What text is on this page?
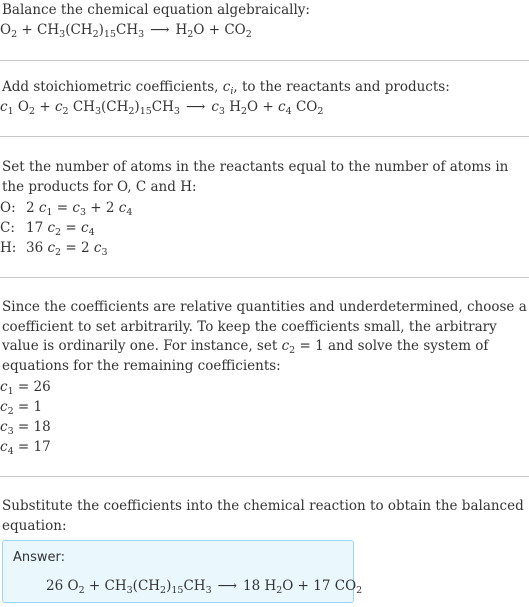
Balance the chemical equation algebraically:
$O_2 + CH_3(CH_2)_{15}CH_3$ ⟶ $H_2O + CO_2$
Add stoichiometric coefficients, $c_i$, to the reactants and products:
$c_1$ $O_2 + c_2$ $CH_3(CH_2)_{15}CH_3$ ⟶ $c_3$ $H_2O + c_4$ $CO_2$
Set the number of atoms in the reactants equal to the number of atoms in the products for O, C and H:
O: 2 $c_1 = c_3 + 2$ $c_4$
C: 17 $c_2 = c_4$
H: 36 $c_2 = 2$ $c_3$
Since the coefficients are relative quantities and underdetermined, choose a coefficient to set arbitrarily. To keep the coefficients small, the arbitrary value is ordinarily one. For instance, set $c_2 = 1$ and solve the system of equations for the remaining coefficients:
$c_1 = 26$
$c_2 = 1$
$c_3 = 18$
$c_4 = 17$
Substitute the coefficients into the chemical reaction to obtain the balanced equation:
Answer:
26 $O_2 + CH_3(CH_2)_{15}CH_3$ ⟶ 18 $H_2O + 17$ $CO_2$
